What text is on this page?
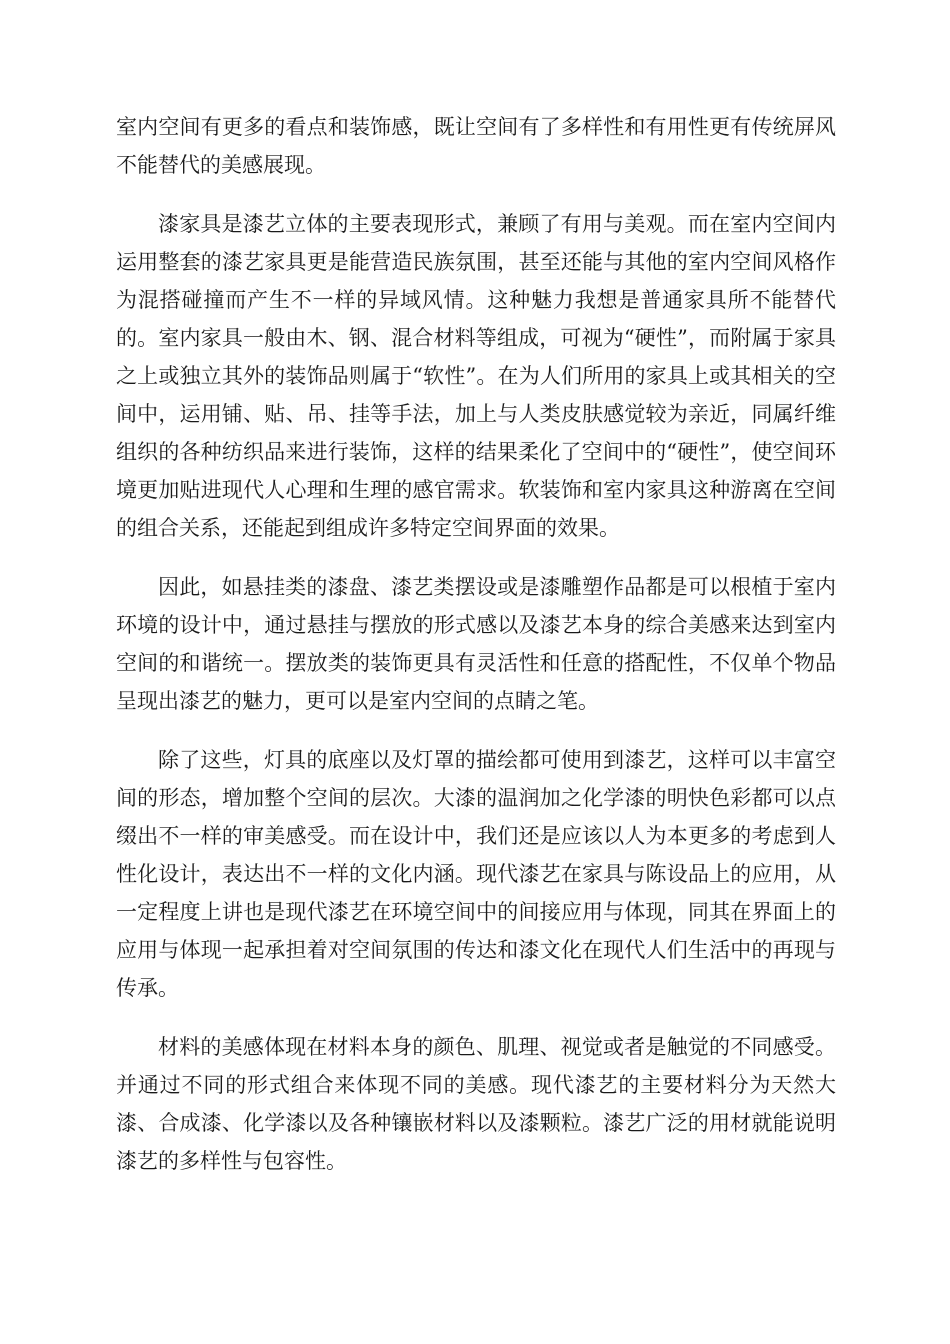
室内空间有更多的看点和装饰感，既让空间有了多样性和有用性更有传统屏风不能替代的美感展现。

漆家具是漆艺立体的主要表现形式，兼顾了有用与美观。而在室内空间内运用整套的漆艺家具更是能营造民族氛围，甚至还能与其他的室内空间风格作为混搭碰撞而产生不一样的异域风情。这种魅力我想是普通家具所不能替代的。室内家具一般由木、钢、混合材料等组成，可视为“硬性”，而附属于家具之上或独立其外的装饰品则属于“软性”。在为人们所用的家具上或其相关的空间中，运用铺、贴、吊、挂等手法，加上与人类皮肤感觉较为亲近，同属纤维组织的各种纺织品来进行装饰，这样的结果柔化了空间中的“硬性”，使空间环境更加贴进现代人心理和生理的感官需求。软装饰和室内家具这种游离在空间的组合关系，还能起到组成许多特定空间界面的效果。

因此，如悬挂类的漆盘、漆艺类摆设或是漆雕塑作品都是可以根植于室内环境的设计中，通过悬挂与摆放的形式感以及漆艺本身的综合美感来达到室内空间的和谐统一。摆放类的装饰更具有灵活性和任意的搭配性，不仅单个物品呈现出漆艺的魅力，更可以是室内空间的点睛之笔。

除了这些，灯具的底座以及灯罩的描绘都可使用到漆艺，这样可以丰富空间的形态，增加整个空间的层次。大漆的温润加之化学漆的明快色彩都可以点缀出不一样的审美感受。而在设计中，我们还是应该以人为本更多的考虑到人性化设计，表达出不一样的文化内涵。现代漆艺在家具与陈设品上的应用，从一定程度上讲也是现代漆艺在环境空间中的间接应用与体现，同其在界面上的应用与体现一起承担着对空间氛围的传达和漆文化在现代人们生活中的再现与传承。

材料的美感体现在材料本身的颜色、肌理、视觉或者是触觉的不同感受。并通过不同的形式组合来体现不同的美感。现代漆艺的主要材料分为天然大漆、合成漆、化学漆以及各种镶嵌材料以及漆颗粒。漆艺广泛的用材就能说明漆艺的多样性与包容性。
